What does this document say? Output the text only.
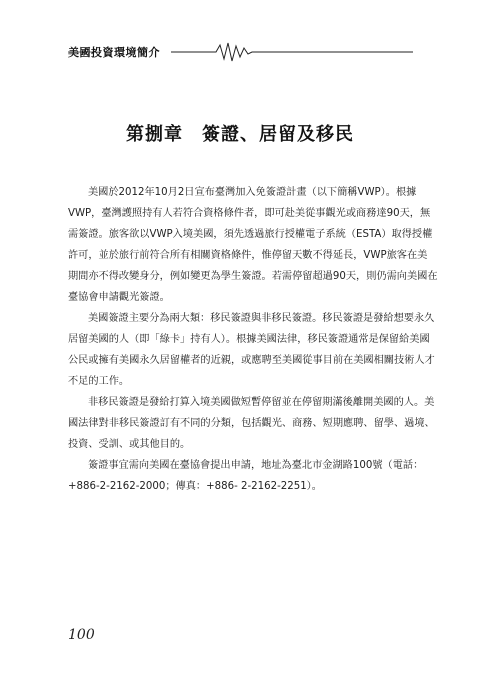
美國投資環境簡介
第捌章　簽證、居留及移民

美國於2012年10月2日宣布臺灣加入免簽證計畫（以下簡稱VWP）。根據
VWP，臺灣護照持有人若符合資格條件者，即可赴美從事觀光或商務達90天，無
需簽證。旅客欲以VWP入境美國，須先透過旅行授權電子系統（ESTA）取得授權
許可，並於旅行前符合所有相關資格條件，惟停留天數不得延長，VWP旅客在美
期間亦不得改變身分，例如變更為學生簽證。若需停留超過90天，則仍需向美國在
臺協會申請觀光簽證。

美國簽證主要分為兩大類：移民簽證與非移民簽證。移民簽證是發給想要永久
居留美國的人（即「綠卡」持有人）。根據美國法律，移民簽證通常是保留給美國
公民或擁有美國永久居留權者的近親，或應聘至美國從事目前在美國相關技術人才
不足的工作。

非移民簽證是發給打算入境美國做短暫停留並在停留期滿後離開美國的人。美
國法律對非移民簽證訂有不同的分類，包括觀光、商務、短期應聘、留學、過境、
投資、受訓、或其他目的。

簽證事宜需向美國在臺協會提出申請，地址為臺北市金湖路100號（電話：
+886-2-2162-2000；傳真：+886- 2-2162-2251）。

100
